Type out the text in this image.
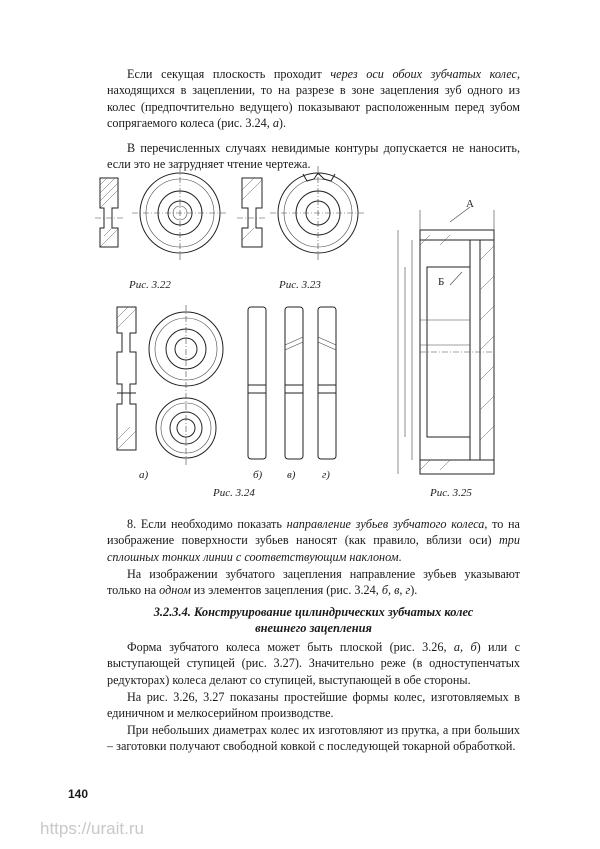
Если секущая плоскость проходит через оси обоих зубчатых колес, находящихся в зацеплении, то на разрезе в зоне зацепления зуб одного из колес (предпочтительно ведущего) показывают расположенным перед зубом сопрягаемого колеса (рис. 3.24, а).

В перечисленных случаях невидимые контуры допускается не наносить, если это не затрудняет чтение чертежа.

Рис. 3.22	Рис. 3.23
а)	б) в) г)
Рис. 3.24	Рис. 3.25
А
Б

8. Если необходимо показать направление зубьев зубчатого колеса, то на изображение поверхности зубьев наносят (как правило, вблизи оси) три сплошных тонких линии с соответствующим наклоном.

На изображении зубчатого зацепления направление зубьев указывают только на одном из элементов зацепления (рис. 3.24, б, в, г).

3.2.3.4. Конструирование цилиндрических зубчатых колес
внешнего зацепления

Форма зубчатого колеса может быть плоской (рис. 3.26, а, б) или с выступающей ступицей (рис. 3.27). Значительно реже (в одноступенчатых редукторах) колеса делают со ступицей, выступающей в обе стороны.

На рис. 3.26, 3.27 показаны простейшие формы колес, изготовляемых в единичном и мелкосерийном производстве.

При небольших диаметрах колес их изготовляют из прутка, а при больших – заготовки получают свободной ковкой с последующей токарной обработкой.

140
https://urait.ru
